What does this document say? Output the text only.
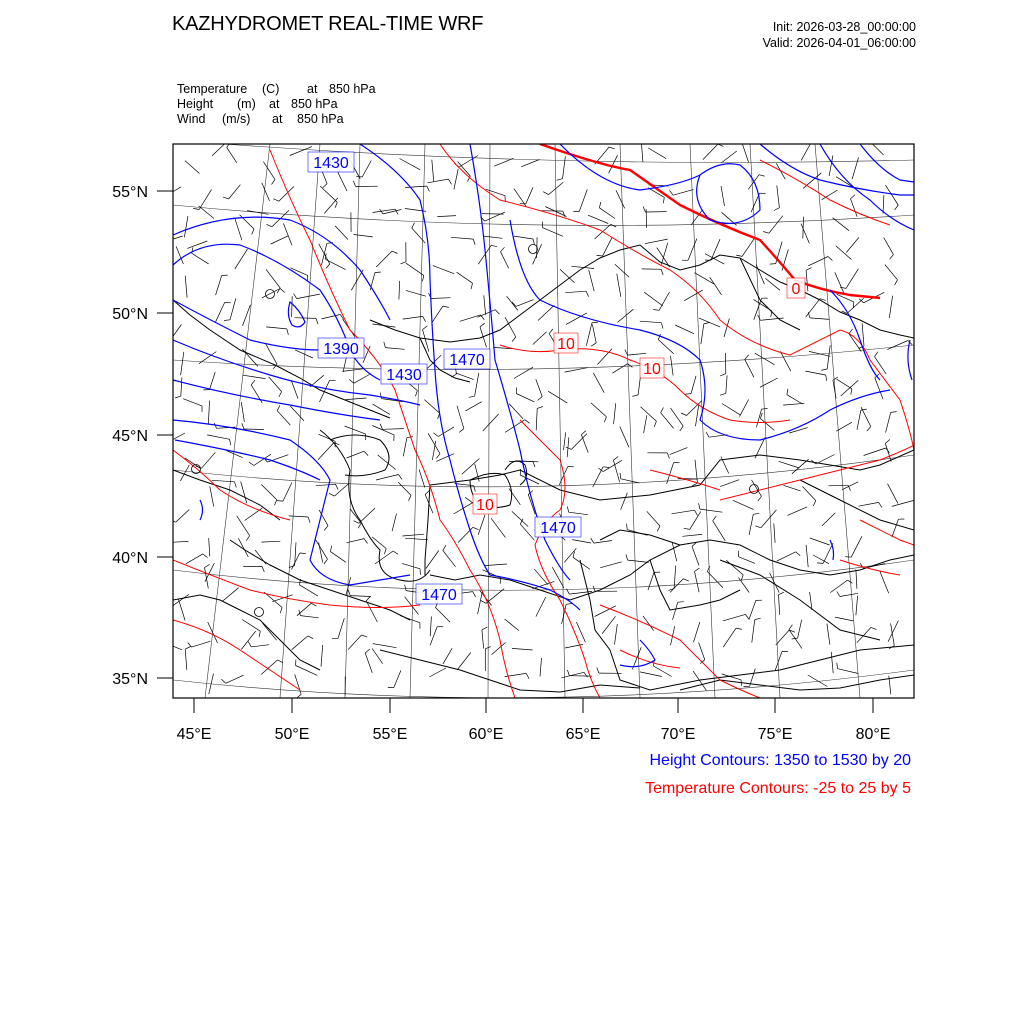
KAZHYDROMET REAL-TIME WRF	Init: 2026-03-28_00:00:00
Valid: 2026-04-01_06:00:00
Temperature (C) at 850 hPa
Height (m) at 850 hPa
Wind (m/s) at 850 hPa
55°N
50°N
45°N
40°N
35°N
45°E	50°E	55°E	60°E	65°E	70°E	75°E	80°E
1430
1390
1430
1470
1470
1470
10
10
10
0
Height Contours: 1350 to 1530 by 20
Temperature Contours: -25 to 25 by 5
